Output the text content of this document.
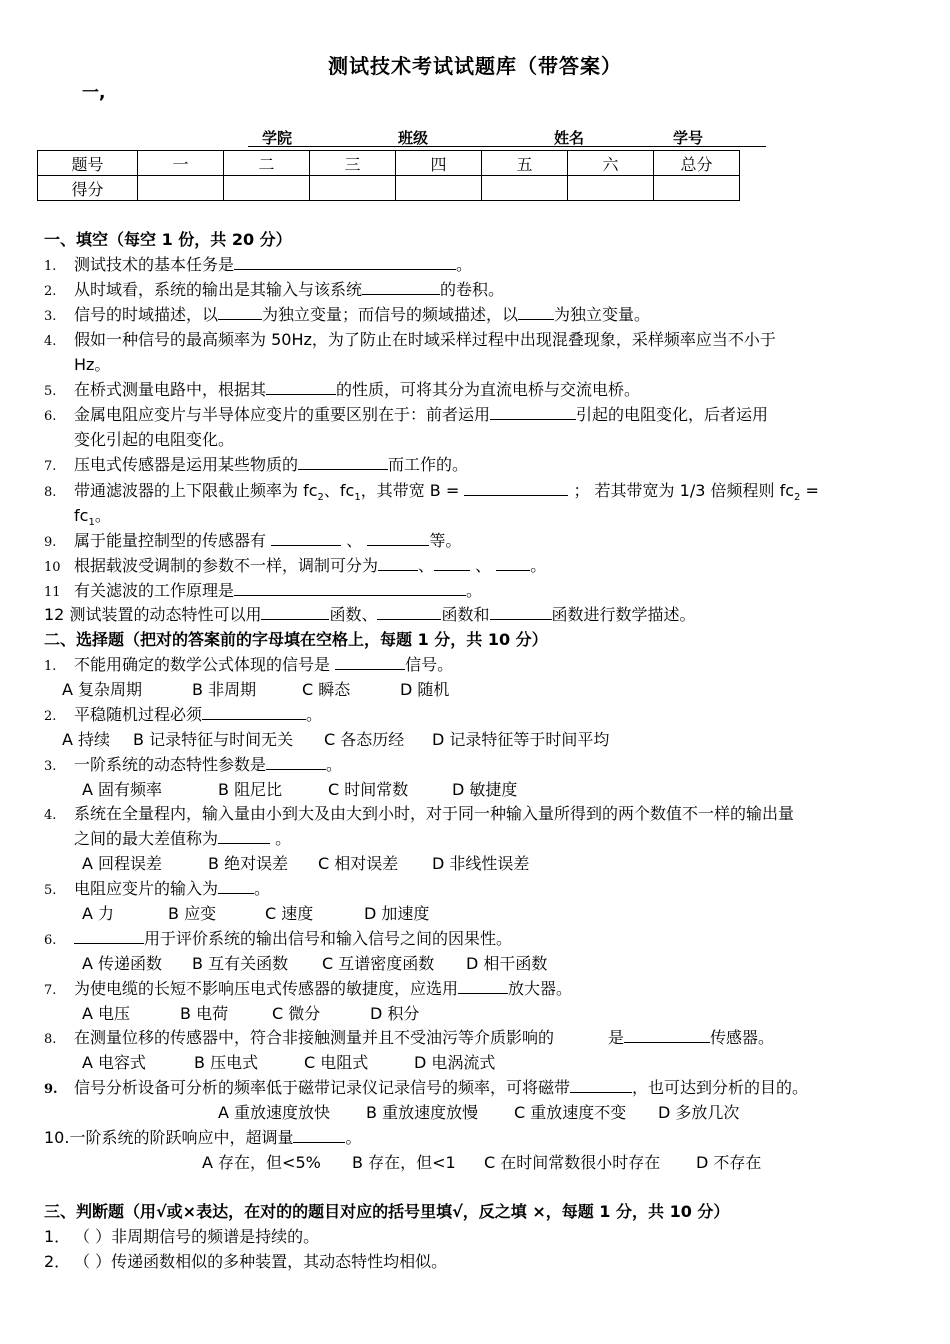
测试技术考试试题库（带答案）
一,
学院	班级	姓名	学号
题号	一	二	三	四	五	六	总分
得分							
一、填空（每空 1 份，共 20 分）
1. 测试技术的基本任务是	。
2. 从时域看，系统的输出是其输入与该系统	的卷积。
3. 信号的时域描述，以	为独立变量；而信号的频域描述，以 为独立变量。
4. 假如一种信号的最高频率为 50Hz，为了防止在时域采样过程中出现混叠现象，采样频率应当不小于
Hz。
5. 在桥式测量电路中，根据其	的性质，可将其分为直流电桥与交流电桥。
6. 金属电阻应变片与半导体应变片的重要区别在于：前者运用	引起的电阻变化，后者运用
变化引起的电阻变化。
7. 压电式传感器是运用某些物质的	而工作的。
8. 带通滤波器的上下限截止频率为 $fc_2$、$fc_1$，其带宽 B =	； 若其带宽为 1/3 倍频程则 $fc_2$ =
$fc_1$。
9. 属于能量控制型的传感器有	、	等。
10 根据载波受调制的参数不一样，调制可分为	、	、 。
11 有关滤波的工作原理是	。
12 测试装置的动态特性可以用	函数、	函数和	函数进行数学描述。
二、选择题（把对的答案前的字母填在空格上，每题 1 分，共 10 分）
1. 不能用确定的数学公式体现的信号是	信号。
A 复杂周期	B 非周期	C 瞬态	D 随机
2. 平稳随机过程必须	。
A 持续 B 记录特征与时间无关 C 各态历经 D 记录特征等于时间平均
3. 一阶系统的动态特性参数是	。
A 固有频率	B 阻尼比	C 时间常数	D 敏捷度
4. 系统在全量程内，输入量由小到大及由大到小时，对于同一种输入量所得到的两个数值不一样的输出量
之间的最大差值称为	。
A 回程误差	B 绝对误差 C 相对误差 D 非线性误差
5. 电阻应变片的输入为 。
A 力	B 应变	C 速度	D 加速度
6.	用于评价系统的输出信号和输入信号之间的因果性。
A 传递函数 B 互有关函数 C 互谱密度函数 D 相干函数
7. 为使电缆的长短不影响压电式传感器的敏捷度，应选用	放大器。
A 电压	B 电荷	C 微分	D 积分
8. 在测量位移的传感器中，符合非接触测量并且不受油污等介质影响的	是	传感器。
A 电容式	B 压电式	C 电阻式	D 电涡流式
9. 信号分析设备可分析的频率低于磁带记录仪记录信号的频率，可将磁带	，也可达到分析的目的。
A 重放速度放快 B 重放速度放慢 C 重放速度不变 D 多放几次
10.一阶系统的阶跃响应中，超调量	。
A 存在，但<5% B 存在，但<1 C 在时间常数很小时存在 D 不存在
三、判断题（用√或×表达，在对的的题目对应的括号里填√，反之填 ×，每题 1 分，共 10 分）
1． （ ）非周期信号的频谱是持续的。
2． （ ）传递函数相似的多种装置，其动态特性均相似。
